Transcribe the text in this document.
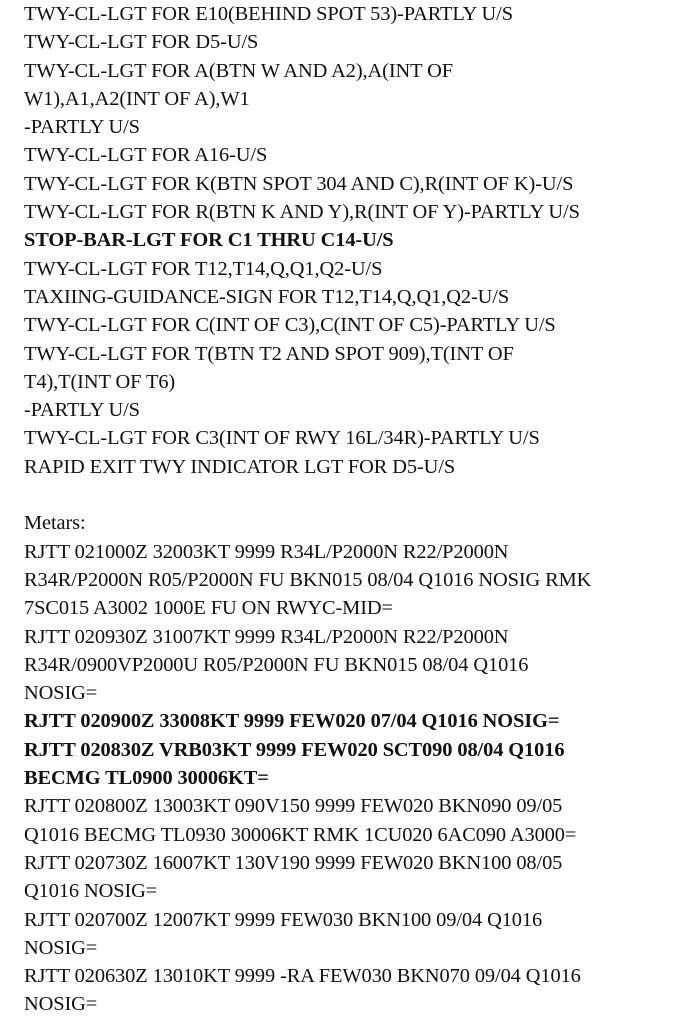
TWY-CL-LGT FOR E10(BEHIND SPOT 53)-PARTLY U/S
TWY-CL-LGT FOR D5-U/S
TWY-CL-LGT FOR A(BTN W AND A2),A(INT OF
W1),A1,A2(INT OF A),W1
-PARTLY U/S
TWY-CL-LGT FOR A16-U/S
TWY-CL-LGT FOR K(BTN SPOT 304 AND C),R(INT OF K)-U/S
TWY-CL-LGT FOR R(BTN K AND Y),R(INT OF Y)-PARTLY U/S
STOP-BAR-LGT FOR C1 THRU C14-U/S
TWY-CL-LGT FOR T12,T14,Q,Q1,Q2-U/S
TAXIING-GUIDANCE-SIGN FOR T12,T14,Q,Q1,Q2-U/S
TWY-CL-LGT FOR C(INT OF C3),C(INT OF C5)-PARTLY U/S
TWY-CL-LGT FOR T(BTN T2 AND SPOT 909),T(INT OF
T4),T(INT OF T6)
-PARTLY U/S
TWY-CL-LGT FOR C3(INT OF RWY 16L/34R)-PARTLY U/S
RAPID EXIT TWY INDICATOR LGT FOR D5-U/S
Metars:
RJTT 021000Z 32003KT 9999 R34L/P2000N R22/P2000N
R34R/P2000N R05/P2000N FU BKN015 08/04 Q1016 NOSIG RMK
7SC015 A3002 1000E FU ON RWYC-MID=
RJTT 020930Z 31007KT 9999 R34L/P2000N R22/P2000N
R34R/0900VP2000U R05/P2000N FU BKN015 08/04 Q1016
NOSIG=
RJTT 020900Z 33008KT 9999 FEW020 07/04 Q1016 NOSIG=
RJTT 020830Z VRB03KT 9999 FEW020 SCT090 08/04 Q1016
BECMG TL0900 30006KT=
RJTT 020800Z 13003KT 090V150 9999 FEW020 BKN090 09/05
Q1016 BECMG TL0930 30006KT RMK 1CU020 6AC090 A3000=
RJTT 020730Z 16007KT 130V190 9999 FEW020 BKN100 08/05
Q1016 NOSIG=
RJTT 020700Z 12007KT 9999 FEW030 BKN100 09/04 Q1016
NOSIG=
RJTT 020630Z 13010KT 9999 -RA FEW030 BKN070 09/04 Q1016
NOSIG=
